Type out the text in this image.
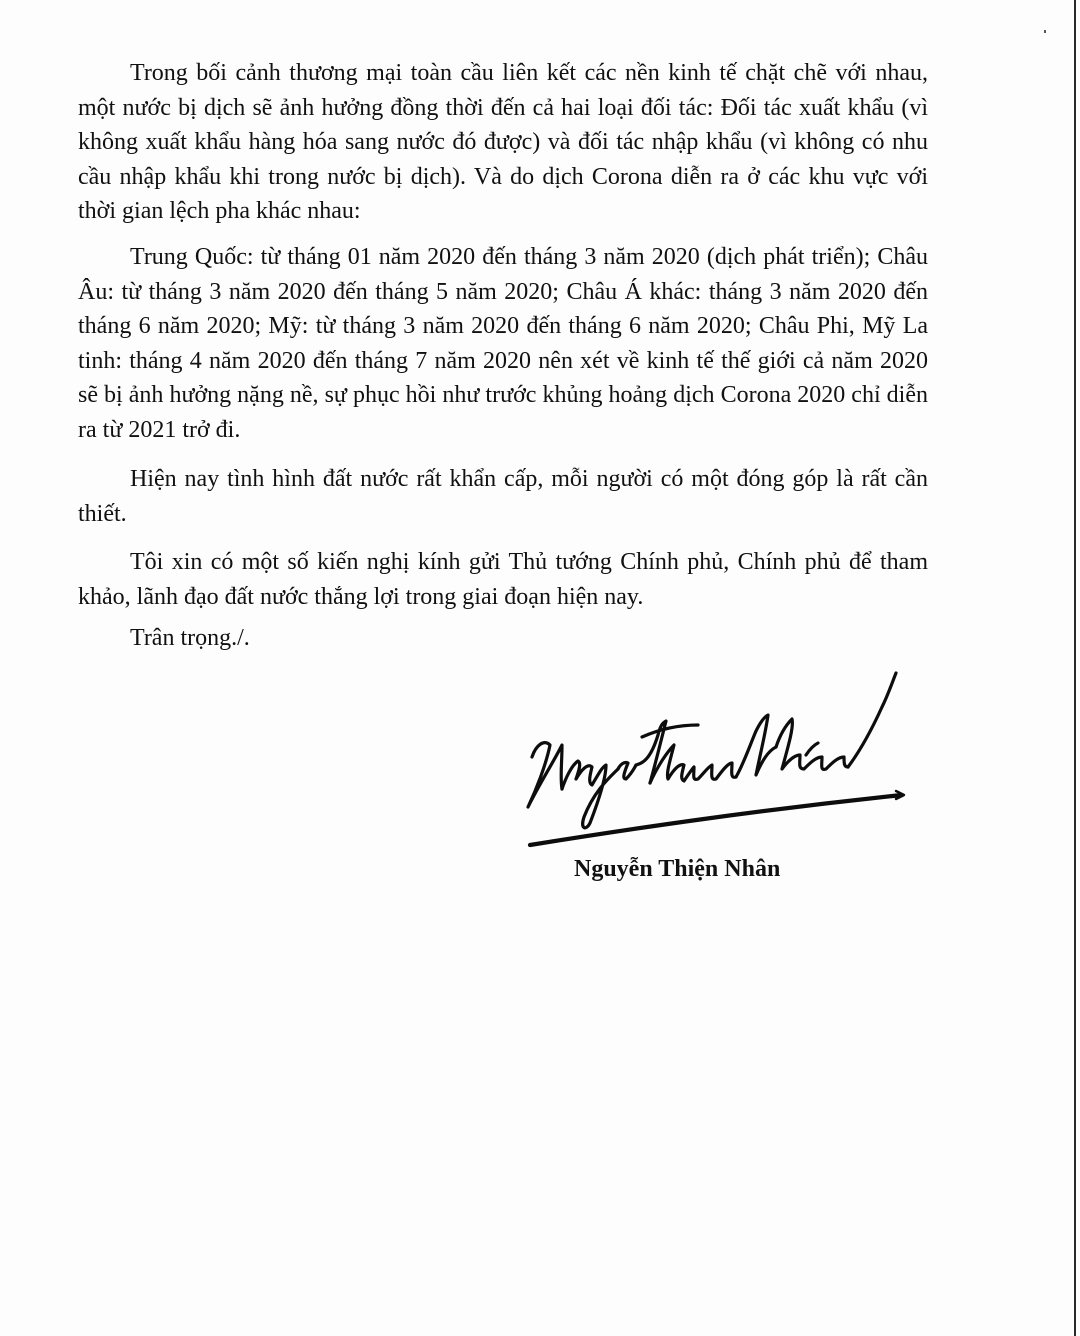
Trong bối cảnh thương mại toàn cầu liên kết các nền kinh tế chặt chẽ với nhau, một nước bị dịch sẽ ảnh hưởng đồng thời đến cả hai loại đối tác: Đối tác xuất khẩu (vì không xuất khẩu hàng hóa sang nước đó được) và đối tác nhập khẩu (vì không có nhu cầu nhập khẩu khi trong nước bị dịch). Và do dịch Corona diễn ra ở các khu vực với thời gian lệch pha khác nhau:

Trung Quốc: từ tháng 01 năm 2020 đến tháng 3 năm 2020 (dịch phát triển); Châu Âu: từ tháng 3 năm 2020 đến tháng 5 năm 2020; Châu Á khác: tháng 3 năm 2020 đến tháng 6 năm 2020; Mỹ: từ tháng 3 năm 2020 đến tháng 6 năm 2020; Châu Phi, Mỹ La tinh: tháng 4 năm 2020 đến tháng 7 năm 2020 nên xét về kinh tế thế giới cả năm 2020 sẽ bị ảnh hưởng nặng nề, sự phục hồi như trước khủng hoảng dịch Corona 2020 chỉ diễn ra từ 2021 trở đi.

Hiện nay tình hình đất nước rất khẩn cấp, mỗi người có một đóng góp là rất cần thiết.

Tôi xin có một số kiến nghị kính gửi Thủ tướng Chính phủ, Chính phủ để tham khảo, lãnh đạo đất nước thắng lợi trong giai đoạn hiện nay.

Trân trọng./.

Nguyễn Thiện Nhân
